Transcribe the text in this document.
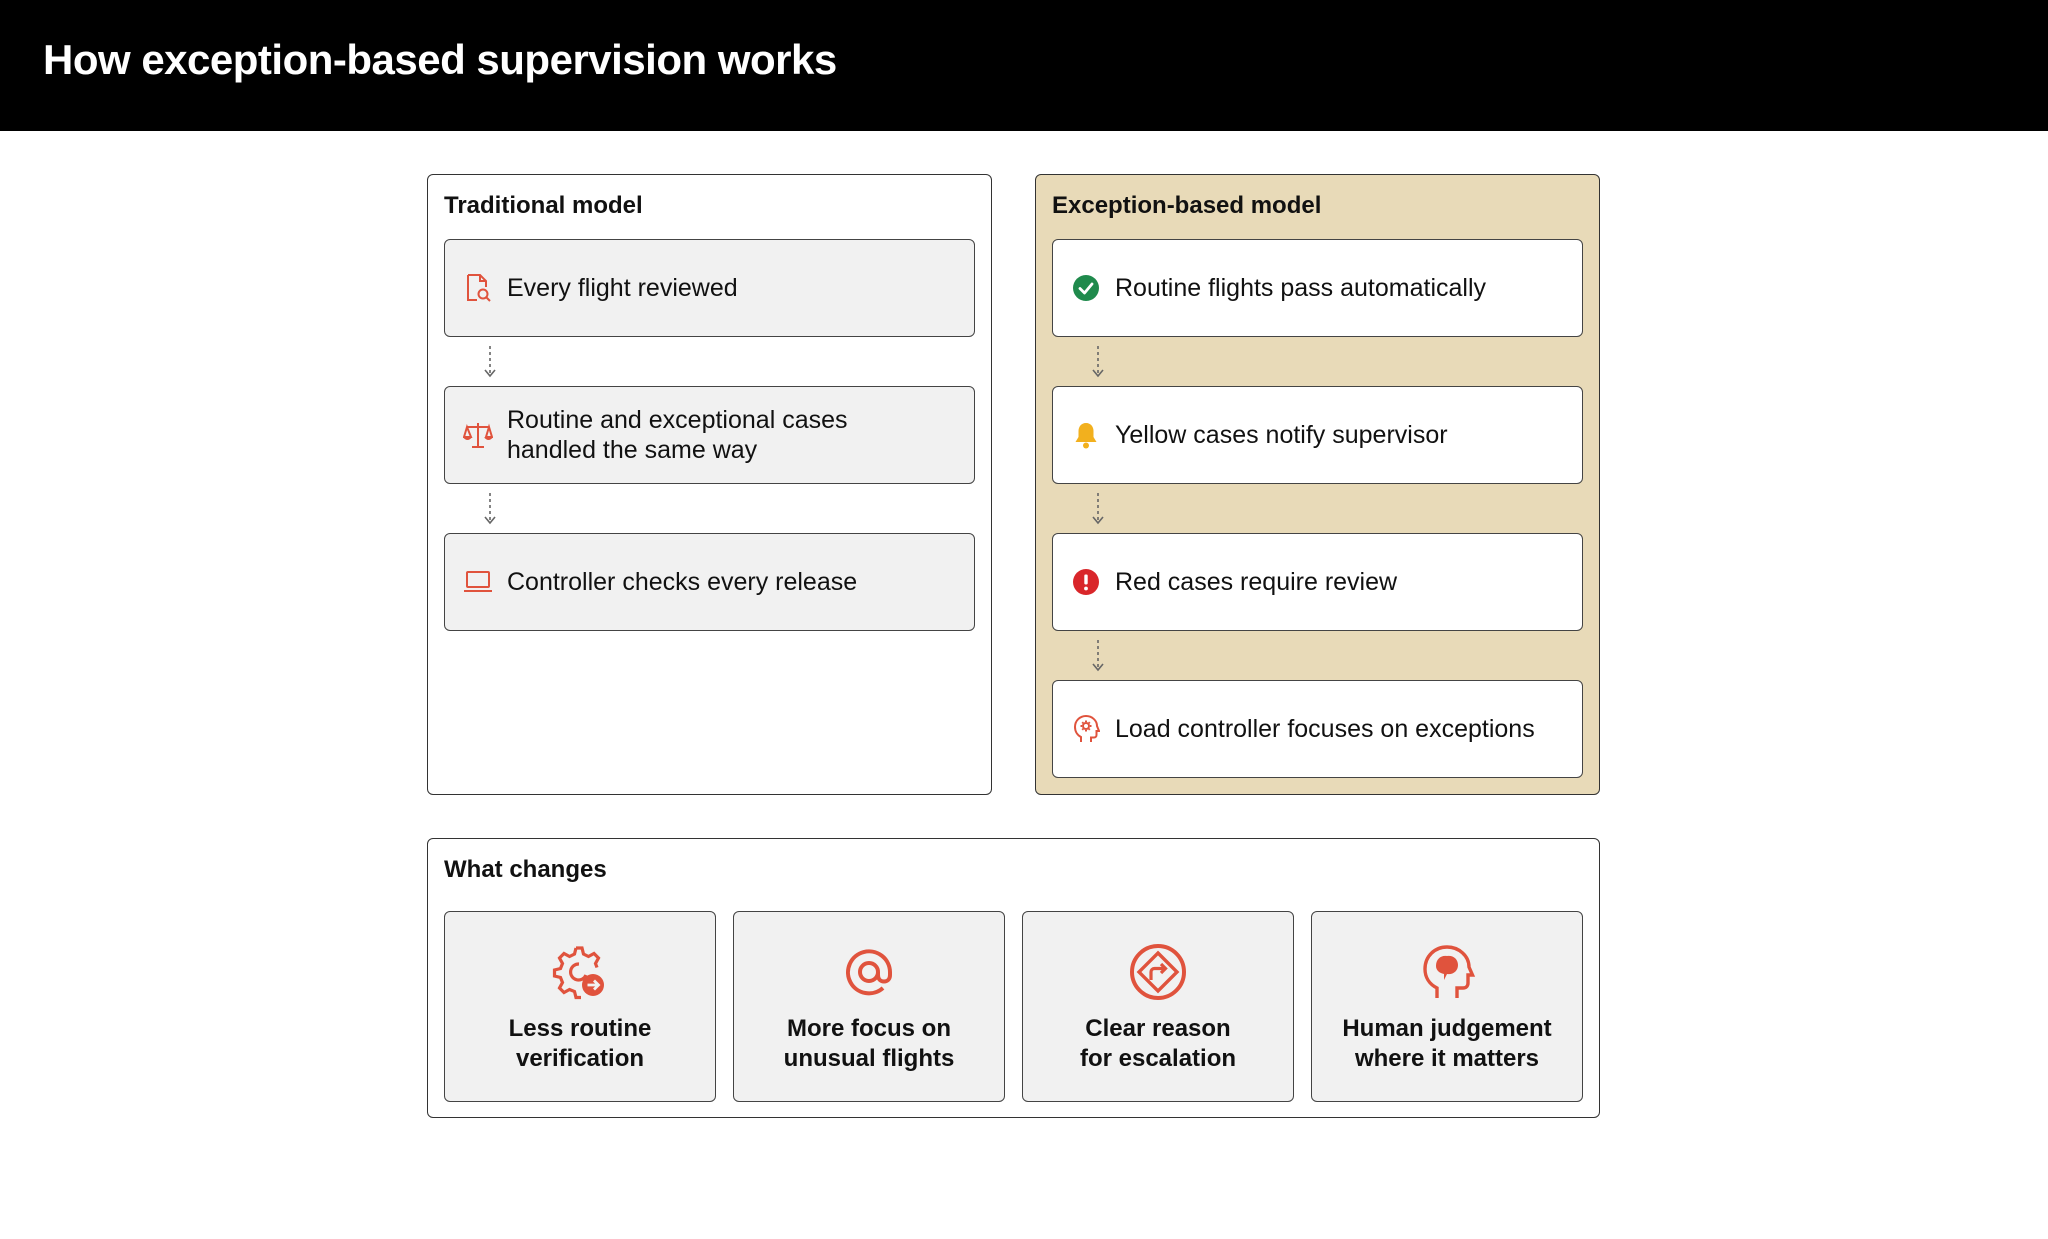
How exception-based supervision works
Traditional model
Every flight reviewed
Routine and exceptional cases handled the same way
Controller checks every release
Exception-based model
Routine flights pass automatically
Yellow cases notify supervisor
Red cases require review
Load controller focuses on exceptions
What changes
Less routine
verification
More focus on
unusual flights
Clear reason
for escalation
Human judgement
where it matters
